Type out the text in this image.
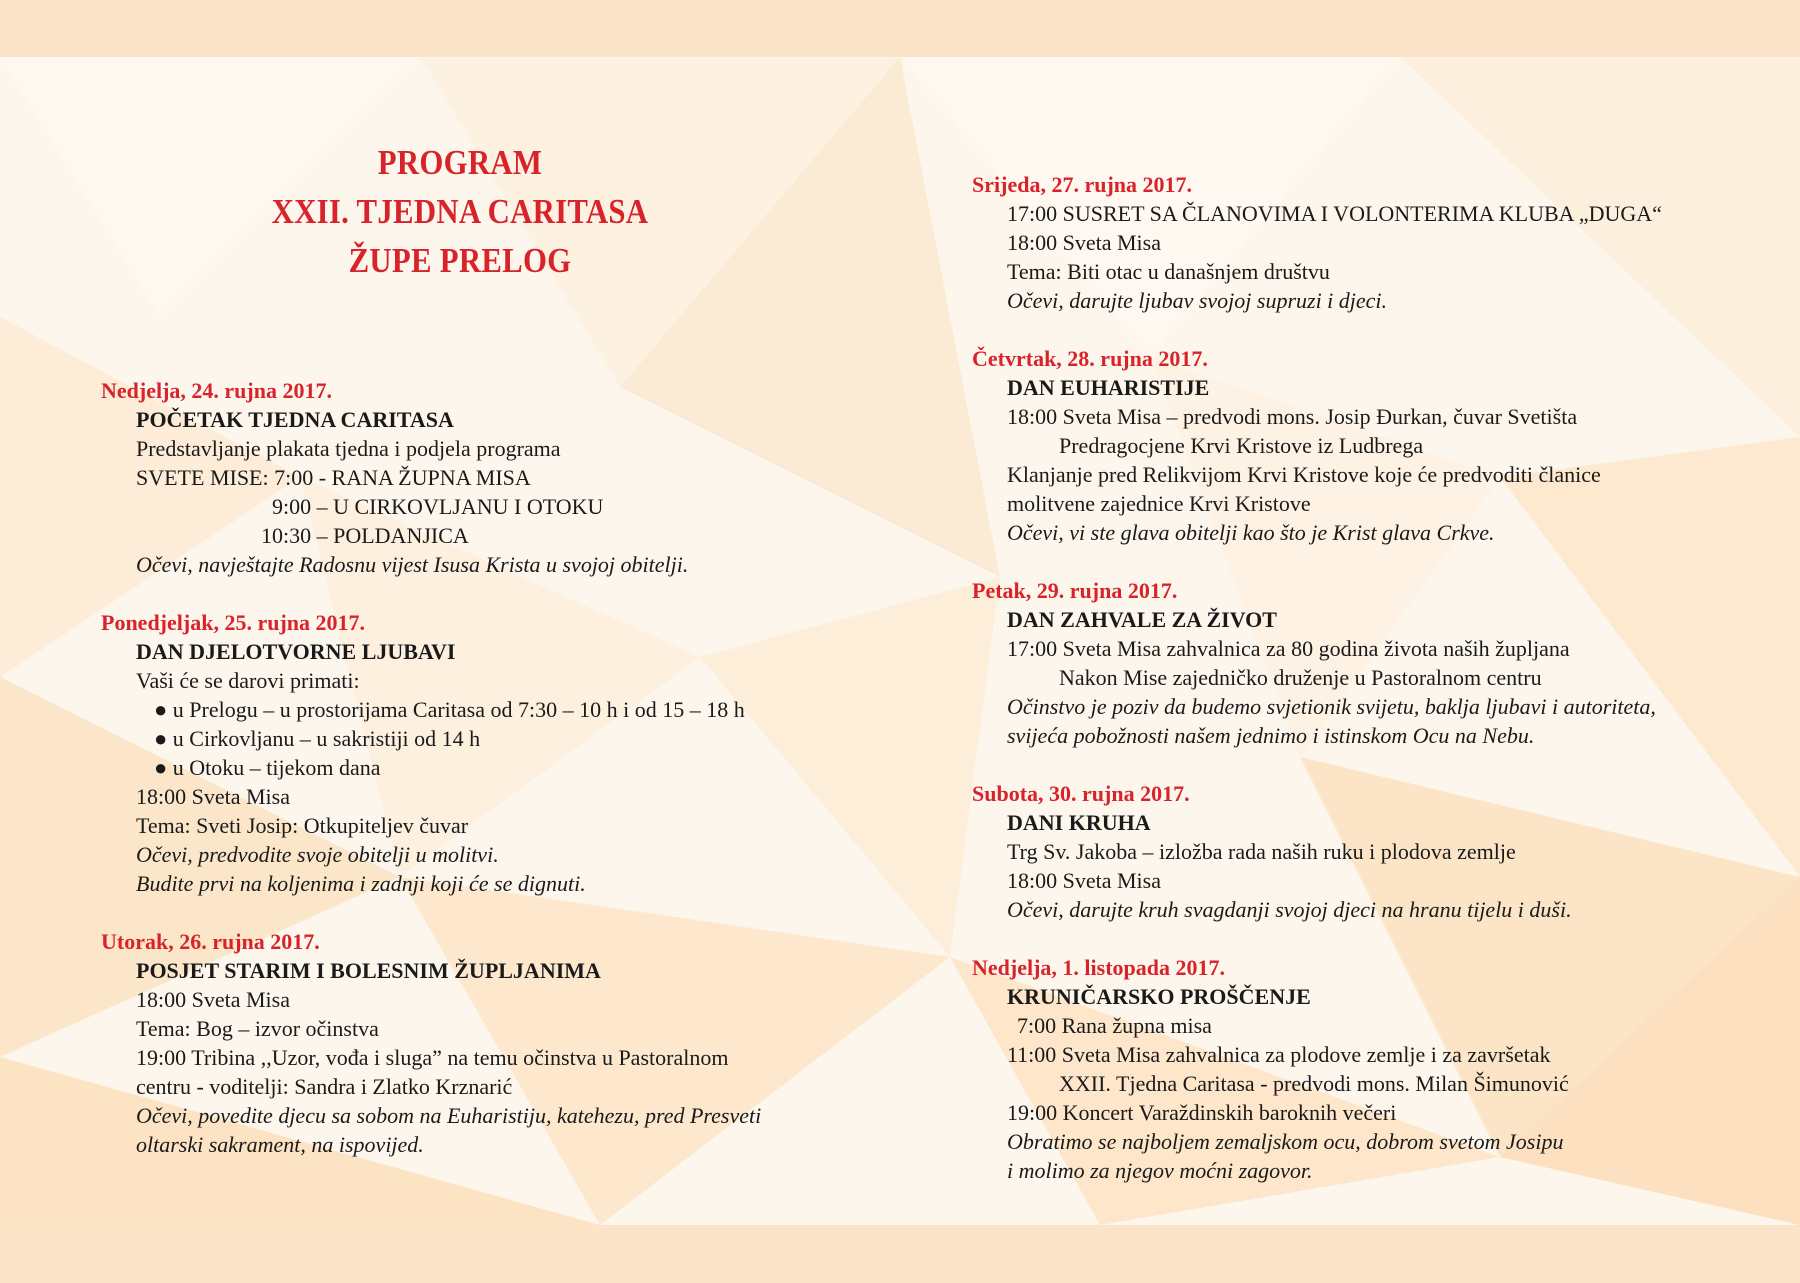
PROGRAM
XXII. TJEDNA CARITASA
ŽUPE PRELOG
Nedjelja, 24. rujna 2017.
POČETAK TJEDNA CARITASA
Predstavljanje plakata tjedna i podjela programa
SVETE MISE: 7:00 - RANA ŽUPNA MISA
9:00 – U CIRKOVLJANU I OTOKU
10:30 – POLDANJICA
Očevi, navještajte Radosnu vijest Isusa Krista u svojoj obitelji.
Ponedjeljak, 25. rujna 2017.
DAN DJELOTVORNE LJUBAVI
Vaši će se darovi primati:
● u Prelogu – u prostorijama Caritasa od 7:30 – 10 h i od 15 – 18 h
● u Cirkovljanu – u sakristiji od 14 h
● u Otoku – tijekom dana
18:00 Sveta Misa
Tema: Sveti Josip: Otkupiteljev čuvar
Očevi, predvodite svoje obitelji u molitvi.
Budite prvi na koljenima i zadnji koji će se dignuti.
Utorak, 26. rujna 2017.
POSJET STARIM I BOLESNIM ŽUPLJANIMA
18:00 Sveta Misa
Tema: Bog – izvor očinstva
19:00 Tribina ,,Uzor, vođa i sluga” na temu očinstva u Pastoralnom
centru - voditelji: Sandra i Zlatko Krznarić
Očevi, povedite djecu sa sobom na Euharistiju, katehezu, pred Presveti
oltarski sakrament, na ispovijed.
Srijeda, 27. rujna 2017.
17:00 SUSRET SA ČLANOVIMA I VOLONTERIMA KLUBA „DUGA“
18:00 Sveta Misa
Tema: Biti otac u današnjem društvu
Očevi, darujte ljubav svojoj supruzi i djeci.
Četvrtak, 28. rujna 2017.
DAN EUHARISTIJE
18:00 Sveta Misa – predvodi mons. Josip Đurkan, čuvar Svetišta
Predragocjene Krvi Kristove iz Ludbrega
Klanjanje pred Relikvijom Krvi Kristove koje će predvoditi članice
molitvene zajednice Krvi Kristove
Očevi, vi ste glava obitelji kao što je Krist glava Crkve.
Petak, 29. rujna 2017.
DAN ZAHVALE ZA ŽIVOT
17:00 Sveta Misa zahvalnica za 80 godina života naših župljana
Nakon Mise zajedničko druženje u Pastoralnom centru
Očinstvo je poziv da budemo svjetionik svijetu, baklja ljubavi i autoriteta,
svijeća pobožnosti našem jednimo i istinskom Ocu na Nebu.
Subota, 30. rujna 2017.
DANI KRUHA
Trg Sv. Jakoba – izložba rada naših ruku i plodova zemlje
18:00 Sveta Misa
Očevi, darujte kruh svagdanji svojoj djeci na hranu tijelu i duši.
Nedjelja, 1. listopada 2017.
KRUNIČARSKO PROŠČENJE
7:00 Rana župna misa
11:00 Sveta Misa zahvalnica za plodove zemlje i za završetak
XXII. Tjedna Caritasa - predvodi mons. Milan Šimunović
19:00 Koncert Varaždinskih baroknih večeri
Obratimo se najboljem zemaljskom ocu, dobrom svetom Josipu
i molimo za njegov moćni zagovor.
